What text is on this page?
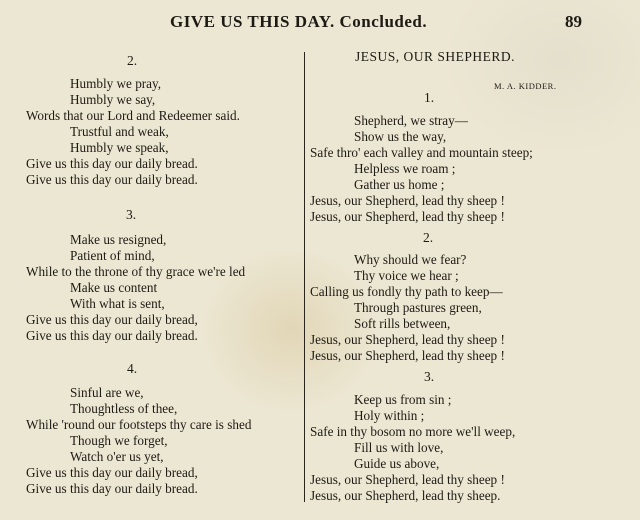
GIVE US THIS DAY. Concluded.	89
2.
Humbly we pray,
Humbly we say,
Words that our Lord and Redeemer said.
Trustful and weak,
Humbly we speak,
Give us this day our daily bread.
Give us this day our daily bread.
3.
Make us resigned,
Patient of mind,
While to the throne of thy grace we're led
Make us content
With what is sent,
Give us this day our daily bread,
Give us this day our daily bread.
4.
Sinful are we,
Thoughtless of thee,
While 'round our footsteps thy care is shed
Though we forget,
Watch o'er us yet,
Give us this day our daily bread,
Give us this day our daily bread.
JESUS, OUR SHEPHERD.
M. A. KIDDER.
1.
Shepherd, we stray—
Show us the way,
Safe thro' each valley and mountain steep;
Helpless we roam ;
Gather us home ;
Jesus, our Shepherd, lead thy sheep !
Jesus, our Shepherd, lead thy sheep !
2.
Why should we fear?
Thy voice we hear ;
Calling us fondly thy path to keep—
Through pastures green,
Soft rills between,
Jesus, our Shepherd, lead thy sheep !
Jesus, our Shepherd, lead thy sheep !
3.
Keep us from sin ;
Holy within ;
Safe in thy bosom no more we'll weep,
Fill us with love,
Guide us above,
Jesus, our Shepherd, lead thy sheep !
Jesus, our Shepherd, lead thy sheep.
